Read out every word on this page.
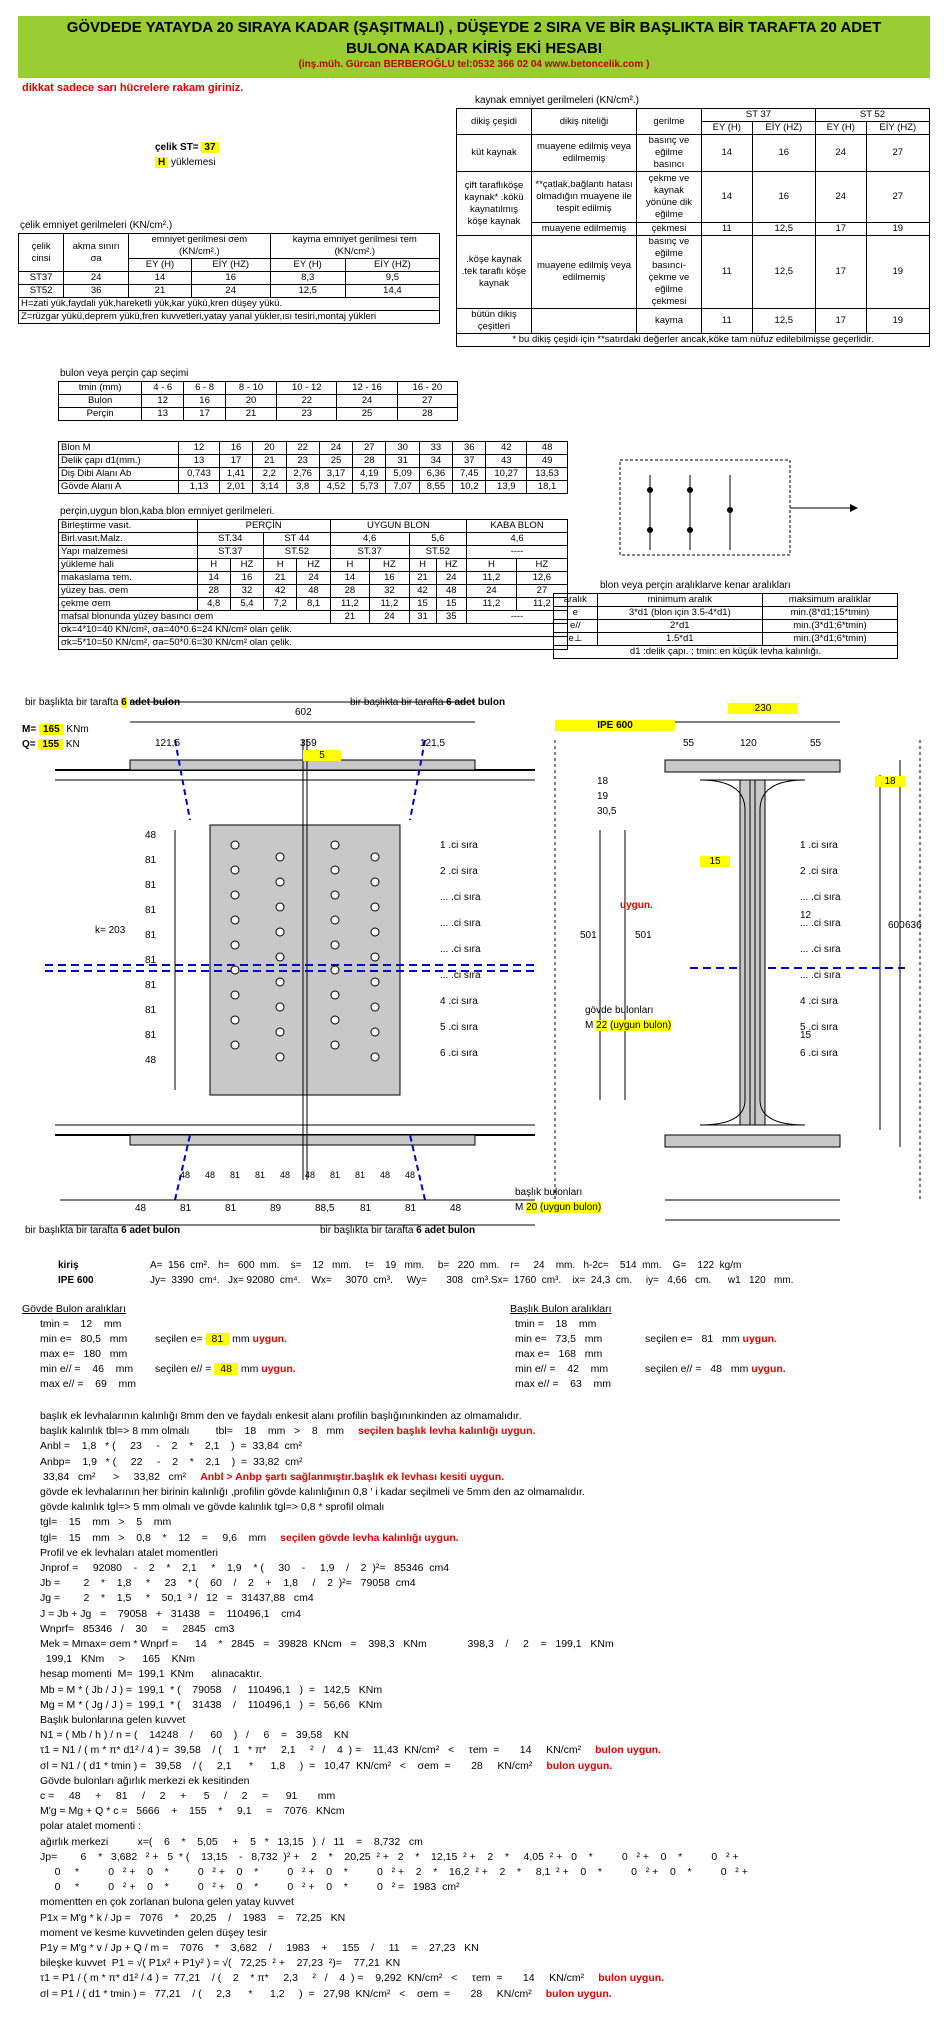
GÖVDEDE YATAYDA 20 SIRAYA KADAR (ŞAŞITMALI) , DÜŞEYDE 2 SIRA VE BİR BAŞLIKTA BİR TARAFTA 20 ADET
BULONA KADAR KİRİŞ EKİ HESABI
(inş.müh. Gürcan BERBEROĞLU tel:0532 366 02 04 www.betoncelik.com )
dikkat sadece sarı hücrelere rakam giriniz.
çelik ST= 37
H yüklemesi
çelik emniyet gerilmeleri (KN/cm².)
çelik cinsi	akma sınırı σa	emniyet gerilmesi σem (KN/cm².)		kayma emniyet gerilmesi τem (KN/cm².)	
		EY (H)	EİY (HZ)	EY (H)	EİY (HZ)
ST37	24	14	16	8,3	9,5
ST52	36	21	24	12,5	14,4
H=zati yük,faydali yük,hareketli yük,kar yükü,kren düşey yükü.					
Z=rüzgar yükü,deprem yükü,fren kuvvetleri,yatay yanal yükler,ısı tesiri,montaj yükleri					
kaynak emniyet gerilmeleri (KN/cm².)
dikiş çeşidi	dikiş niteliği	gerilme	ST 37		ST 52	
			EY (H)	EİY (HZ)	EY (H)	EİY (HZ)
küt kaynak	muayene edilmiş veya edilmemiş	basınç ve eğilme basıncı	14	16	24	27
çift taraflıköşe kaynak* .kökü kaynatılmış köşe kaynak	**çatlak,bağlantı hatası olmadığın muayene ile tespit edilmiş	çekme ve kaynak yönüne dik eğilme	14	16	24	27
	muayene edilmemiş	çekmesi	11	12,5	17	19
.köşe kaynak .tek taraflı köşe kaynak	muayene edilmiş veya edilmemiş	basınç ve eğilme basıncı-çekme ve eğilme çekmesi	11	12,5	17	19
bütün dikiş çeşitleri		kayma	11	12,5	17	19
* bu dikiş çeşidi için **satırdaki değerler ancak,köke tam nüfuz edilebilmişse geçerlidir.						
bulon veya perçin çap seçimi
tmin (mm)	4 - 6	6 - 8	8 - 10	10 - 12	12 - 16	16 - 20
Bulon	12	16	20	22	24	27
Perçin	13	17	21	23	25	28
Blon M	12	16	20	22	24	27	30	33	36	42	48
Delik çapı d1(mm.)	13	17	21	23	25	28	31	34	37	43	49
Diş Dibi Alanı Ab	0,743	1,41	2,2	2,76	3,17	4,19	5,09	6,36	7,45	10,27	13,53
Gövde Alanı A	1,13	2,01	3,14	3,8	4,52	5,73	7,07	8,55	10,2	13,9	18,1
perçin,uygun blon,kaba blon emniyet gerilmeleri.
Birleştirme vasıt.	PERÇİN				UYGUN BLON				KABA BLON	
Birl.vasıt.Malz.	ST.34		ST 44		4,6		5,6		4,6	
Yapı malzemesi	ST.37		ST.52		ST.37		ST.52		----	
yükleme hali	H	HZ	H	HZ	H	HZ	H	HZ	H	HZ
makaslama τem.	14	16	21	24	14	16	21	24	11,2	12,6
yüzey bas. σem	28	32	42	48	28	32	42	48	24	27
çekme σem	4,8	5,4	7,2	8,1	11,2	11,2	15	15	11,2	11,2
mafsal blonunda yüzey basıncı σem					21	24	31	35	----	
σk=4*10=40 KN/cm², σa=40*0.6=24 KN/cm² olan çelik.										
σk=5*10=50 KN/cm², σa=50*0.6=30 KN/cm² olan çelik.										
blon veya perçin aralıklarve kenar aralıkları
aralık	minimum aralık	maksimum aralıklar
e	3*d1 (blon için 3.5-4*d1)	min.(8*d1;15*tmin)
e//	2*d1	min.(3*d1;6*tmin)
e⊥	1.5*d1	min.(3*d1;6*tmin)
d1 :delik çapı. ; tmin: en küçük levha kalınlığı.		
bir başlıkta bir tarafta 6 adet bulon	bir başlıkta bir tarafta 6 adet bulon
M= 165 KNm
Q= 155 KN
602
121,5	359	121,5
5
IPE 600
230
55	120	55
18
15
18
19
30,5
12
15
600 636
501	501
uygun.
gövde bulonları
M 22 (uygun bulon)
başlık bulonları
M 20 (uygun bulon)
k= 203
48
81
81
81
81
81
81
81
81
48
1 .ci sıra
2 .ci sıra
... .ci sıra
... .ci sıra
... .ci sıra
... .ci sıra
4 .ci sıra
5 .ci sıra
6 .ci sıra
1 .ci sıra
2 .ci sıra
... .ci sıra
... .ci sıra
... .ci sıra
... .ci sıra
4 .ci sıra
5 .ci sıra
6 .ci sıra
bir başlıkta bir tarafta 6 adet bulon	bir başlıkta bir tarafta 6 adet bulon
48	81	81	89	88,5	81	81	48
48 48 81 81 48 48 81 81 48 48
kiriş
IPE 600
A=  156  cm².   h=   600  mm.    s=    12   mm.     t=    19   mm.     b=   220  mm.    r=     24    mm.   h-2c=    514  mm.    G=    122  kg/m
Jy=  3390  cm⁴.   Jx= 92080  cm⁴.    Wx=     3070  cm³.     Wy=       308   cm³.Sx=  1760  cm³.    ix=  24,3  cm.     iy=   4,66   cm.      w1   120   mm.
Gövde Bulon aralıkları	Başlık Bulon aralıkları
tmin =    12    mm
min e=   80,5   mm
max e=   180   mm
min e// =    46    mm
max e// =    69    mm
tmin =    18    mm
min e=   73,5   mm
max e=   168   mm
min e// =    42    mm
max e// =    63    mm
seçilen e= 81 mm uygun.
seçilen e// = 48 mm uygun.
seçilen e= 81 mm uygun.
seçilen e// = 48 mm uygun.
başlık ek levhalarının kalınlığı 8mm den ve faydalı enkesit alanı profilin başlığınınkinden az olmamalıdır.
başlık kalınlık tbl=> 8 mm olmalı         tbl=    18    mm   >    8   mm seçilen başlık levha kalınlığı uygun.
Anbl =    1,8   * (     23     -    2    *    2,1    )  =  33,84  cm²
Anbp=    1,9   * (     22     -    2    *    2,1    )  =  33,82  cm²
33,84   cm²      >     33,82   cm² Anbl > Anbp şartı sağlanmıştır.başlık ek levhası kesiti uygun.
gövde ek levhalarının her birinin kalınlığı ,profilin gövde kalınlığının 0,8 ' i kadar seçilmeli ve 5mm den az olmamalıdır.
gövde kalınlık tgl=> 5 mm olmalı ve gövde kalınlık tgl=> 0,8 * sprofil olmalı
tgl=    15    mm   >    5    mm
tgl=    15    mm   >    0,8    *    12    =     9,6    mm seçilen gövde levha kalınlığı uygun.
Profil ve ek levhaları atalet momentleri
Jnprof =     92080    -    2    *    2,1     *    1,9    * (     30    -     1,9    /    2  )²=   85346  cm4
Jb =        2    *    1,8     *     23    * (    60    /    2    +    1,8     /    2  )²=   79058  cm4
Jg =        2    *    1,5     *    50,1  ³ /   12   =   31437,88   cm4
J = Jb + Jg   =    79058   +   31438   =    110496,1    cm4
Wnprf=   85346   /    30     =     2845   cm3
Mek = Mmax= σem * Wnprf =      14    *   2845   =   39828  KNcm   =    398,3   KNm              398,3    /     2    =   199,1   KNm
199,1   KNm     >      165    KNm
hesap momenti  M=  199,1  KNm      alınacaktır.
Mb = M * ( Jb / J ) =  199,1  * (    79058    /    110496,1   )  =   142,5   KNm
Mg = M * ( Jg / J ) =  199,1  * (    31438    /    110496,1   )  =   56,66   KNm
Başlık bulonlarına gelen kuvvet
N1 = ( Mb / h ) / n = (    14248    /      60    )   /     6    =   39,58    KN
τ1 = N1 / ( m * π* d1² / 4 ) =  39,58    / (    1   * π*     2,1     ²   /    4  ) =    11,43  KN/cm²   <     τem  =       14     KN/cm² bulon uygun.
σl = N1 / ( d1 * tmin ) =   39,58    / (     2,1      *      1,8     )  =   10,47  KN/cm²   <    σem  =       28     KN/cm² bulon uygun.
Gövde bulonları ağırlık merkezi ek kesitinden
c =     48     +     81     /     2     +      5     /     2     =      91       mm
M'g = Mg + Q * c =   5666    +    155    *     9,1     =    7076   KNcm
polar atalet momenti :
ağırlık merkezi          x=(    6    *    5,05     +    5   *   13,15   )  /   11    =    8,732   cm
Jp=        6    *   3,682   ² +   5  * (    13,15    -   8,732  )² +    2    *    20,25  ² +   2    *    12,15  ² +    2    *     4,05  ² +   0    *          0   ² +    0    *          0   ² +
0     *          0   ² +    0    *          0   ² +    0    *          0   ² +    0    *          0   ² +    2    *    16,2  ² +    2    *     8,1  ² +    0    *          0   ² +    0    *          0   ² +
0     *          0   ² +    0    *          0   ² +    0    *          0   ² +    0    *          0   ² =   1983  cm²
momentten en çok zorlanan bulona gelen yatay kuvvet
P1x = M'g * k / Jp =   7076    *    20,25    /    1983    =    72,25   KN
moment ve kesme kuvvetinden gelen düşey tesir
P1y = M'g * v / Jp + Q / m =    7076    *    3,682    /     1983    +     155    /     11    =    27,23   KN
bileşke kuvvet  P1 = √( P1x² + P1y² ) = √(   72,25  ² +    27,23  ²)=    77,21  KN
τ1 = P1 / ( m * π* d1² / 4 ) =  77,21    / (    2    * π*     2,3     ²   /    4  ) =    9,292  KN/cm²   <     τem  =       14     KN/cm² bulon uygun.
σl = P1 / ( d1 * tmin ) =   77,21    / (     2,3      *      1,2     )  =   27,98  KN/cm²   <    σem  =       28     KN/cm² bulon uygun.
